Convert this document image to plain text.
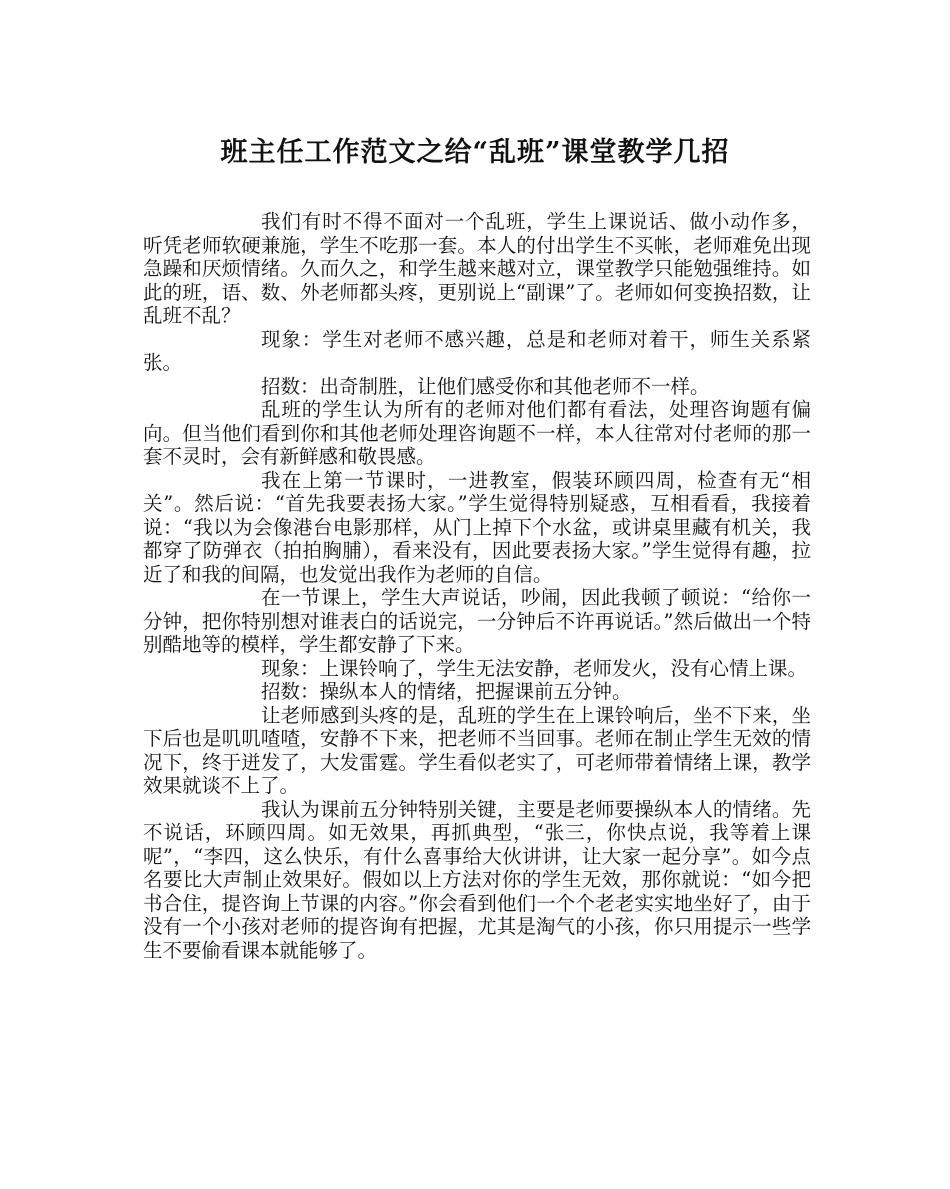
班主任工作范文之给“乱班”课堂教学几招

我们有时不得不面对一个乱班，学生上课说话、做小动作多， 听凭老师软硬兼施，学生不吃那一套。本人的付出学生不买帐，老师难免出现急躁和厌烦情绪。久而久之，和学生越来越对立，课堂教学只能勉强维持。如此的班，语、数、外老师都头疼，更别说上“副课”了。老师如何变换招数，让乱班不乱？

现象：学生对老师不感兴趣，总是和老师对着干，师生关系紧张。

招数：出奇制胜，让他们感受你和其他老师不一样。

乱班的学生认为所有的老师对他们都有看法，处理咨询题有偏向。但当他们看到你和其他老师处理咨询题不一样，本人往常对付老师的那一套不灵时，会有新鲜感和敬畏感。

我在上第一节课时，一进教室，假装环顾四周，检查有无“相关”。然后说：“首先我要表扬大家。”学生觉得特别疑惑，互相看看，我接着说：“我以为会像港台电影那样，从门上掉下个水盆，或讲桌里藏有机关，我都穿了防弹衣（拍拍胸脯），看来没有，因此要表扬大家。”学生觉得有趣，拉近了和我的间隔，也发觉出我作为老师的自信。

在一节课上，学生大声说话，吵闹，因此我顿了顿说：“给你一分钟，把你特别想对谁表白的话说完，一分钟后不许再说话。”然后做出一个特别酷地等的模样，学生都安静了下来。

现象：上课铃响了，学生无法安静，老师发火，没有心情上课。

招数：操纵本人的情绪，把握课前五分钟。

让老师感到头疼的是，乱班的学生在上课铃响后，坐不下来，坐下后也是叽叽喳喳，安静不下来，把老师不当回事。老师在制止学生无效的情况下，终于迸发了，大发雷霆。学生看似老实了，可老师带着情绪上课，教学效果就谈不上了。

我认为课前五分钟特别关键，主要是老师要操纵本人的情绪。先不说话，环顾四周。如无效果，再抓典型，“张三，你快点说，我等着上课呢”，“李四，这么快乐，有什么喜事给大伙讲讲，让大家一起分享”。如今点名要比大声制止效果好。假如以上方法对你的学生无效，那你就说：“如今把书合住，提咨询上节课的内容。”你会看到他们一个个老老实实地坐好了，由于没有一个小孩对老师的提咨询有把握，尤其是淘气的小孩，你只用提示一些学生不要偷看课本就能够了。
